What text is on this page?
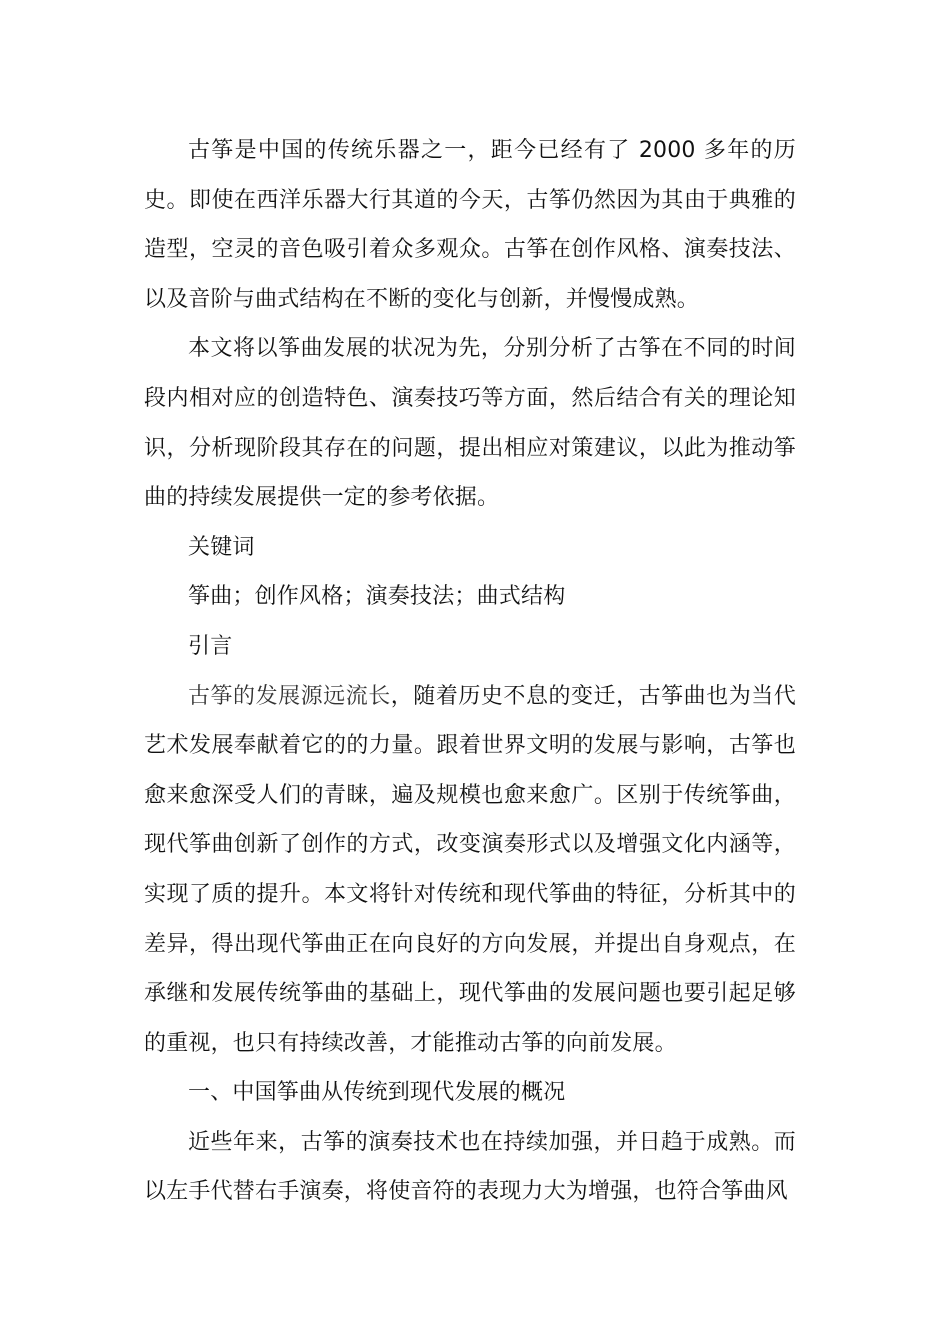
古筝是中国的传统乐器之一，距今已经有了 2000 多年的历史。即使在西洋乐器大行其道的今天，古筝仍然因为其由于典雅的造型，空灵的音色吸引着众多观众。古筝在创作风格、演奏技法、以及音阶与曲式结构在不断的变化与创新，并慢慢成熟。

本文将以筝曲发展的状况为先，分别分析了古筝在不同的时间段内相对应的创造特色、演奏技巧等方面，然后结合有关的理论知识，分析现阶段其存在的问题，提出相应对策建议，以此为推动筝曲的持续发展提供一定的参考依据。

关键词

筝曲；创作风格；演奏技法；曲式结构

引言

古筝的发展源远流长，随着历史不息的变迁，古筝曲也为当代艺术发展奉献着它的的力量。跟着世界文明的发展与影响，古筝也愈来愈深受人们的青睐，遍及规模也愈来愈广。区别于传统筝曲，现代筝曲创新了创作的方式，改变演奏形式以及增强文化内涵等，实现了质的提升。本文将针对传统和现代筝曲的特征，分析其中的差异，得出现代筝曲正在向良好的方向发展，并提出自身观点，在承继和发展传统筝曲的基础上，现代筝曲的发展问题也要引起足够的重视，也只有持续改善，才能推动古筝的向前发展。

一、中国筝曲从传统到现代发展的概况

近些年来，古筝的演奏技术也在持续加强，并日趋于成熟。而以左手代替右手演奏，将使音符的表现力大为增强，也符合筝曲风
